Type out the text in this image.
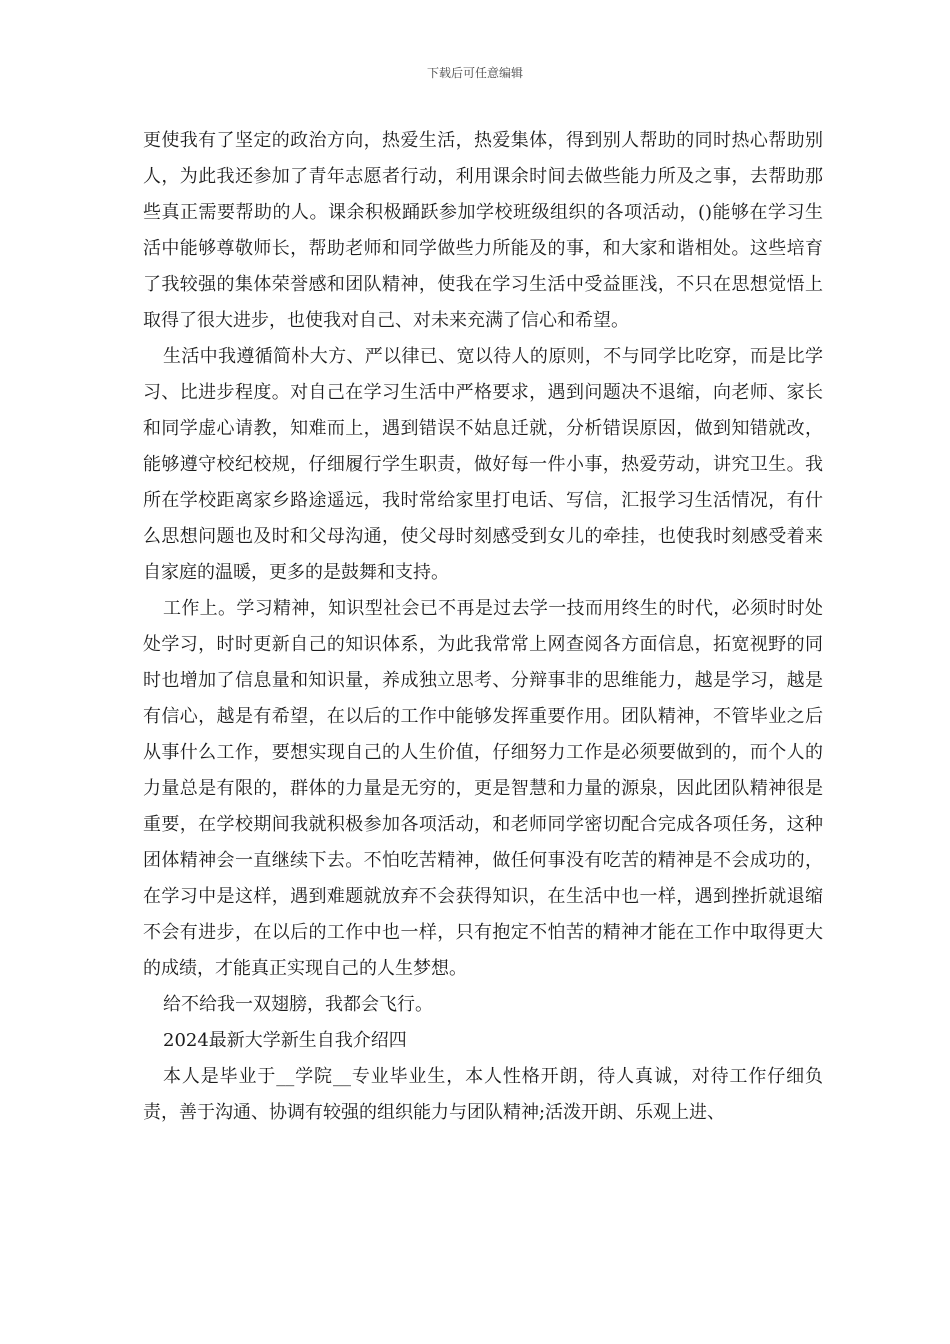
下载后可任意编辑

更使我有了坚定的政治方向，热爱生活，热爱集体，得到别人帮助的同时热心帮助别人，为此我还参加了青年志愿者行动，利用课余时间去做些能力所及之事，去帮助那些真正需要帮助的人。课余积极踊跃参加学校班级组织的各项活动，()能够在学习生活中能够尊敬师长，帮助老师和同学做些力所能及的事，和大家和谐相处。这些培育了我较强的集体荣誉感和团队精神，使我在学习生活中受益匪浅，不只在思想觉悟上取得了很大进步，也使我对自己、对未来充满了信心和希望。

生活中我遵循简朴大方、严以律已、宽以待人的原则，不与同学比吃穿，而是比学习、比进步程度。对自己在学习生活中严格要求，遇到问题决不退缩，向老师、家长和同学虚心请教，知难而上，遇到错误不姑息迁就，分析错误原因，做到知错就改，能够遵守校纪校规，仔细履行学生职责，做好每一件小事，热爱劳动，讲究卫生。我所在学校距离家乡路途遥远，我时常给家里打电话、写信，汇报学习生活情况，有什么思想问题也及时和父母沟通，使父母时刻感受到女儿的牵挂，也使我时刻感受着来自家庭的温暖，更多的是鼓舞和支持。

工作上。学习精神，知识型社会已不再是过去学一技而用终生的时代，必须时时处处学习，时时更新自己的知识体系，为此我常常上网查阅各方面信息，拓宽视野的同时也增加了信息量和知识量，养成独立思考、分辩事非的思维能力，越是学习，越是有信心，越是有希望，在以后的工作中能够发挥重要作用。团队精神，不管毕业之后从事什么工作，要想实现自己的人生价值，仔细努力工作是必须要做到的，而个人的力量总是有限的，群体的力量是无穷的，更是智慧和力量的源泉，因此团队精神很是重要，在学校期间我就积极参加各项活动，和老师同学密切配合完成各项任务，这种团体精神会一直继续下去。不怕吃苦精神，做任何事没有吃苦的精神是不会成功的，在学习中是这样，遇到难题就放弃不会获得知识，在生活中也一样，遇到挫折就退缩不会有进步，在以后的工作中也一样，只有抱定不怕苦的精神才能在工作中取得更大的成绩，才能真正实现自己的人生梦想。

给不给我一双翅膀，我都会飞行。

2024最新大学新生自我介绍四

本人是毕业于__学院__专业毕业生，本人性格开朗，待人真诚，对待工作仔细负责，善于沟通、协调有较强的组织能力与团队精神;活泼开朗、乐观上进、
